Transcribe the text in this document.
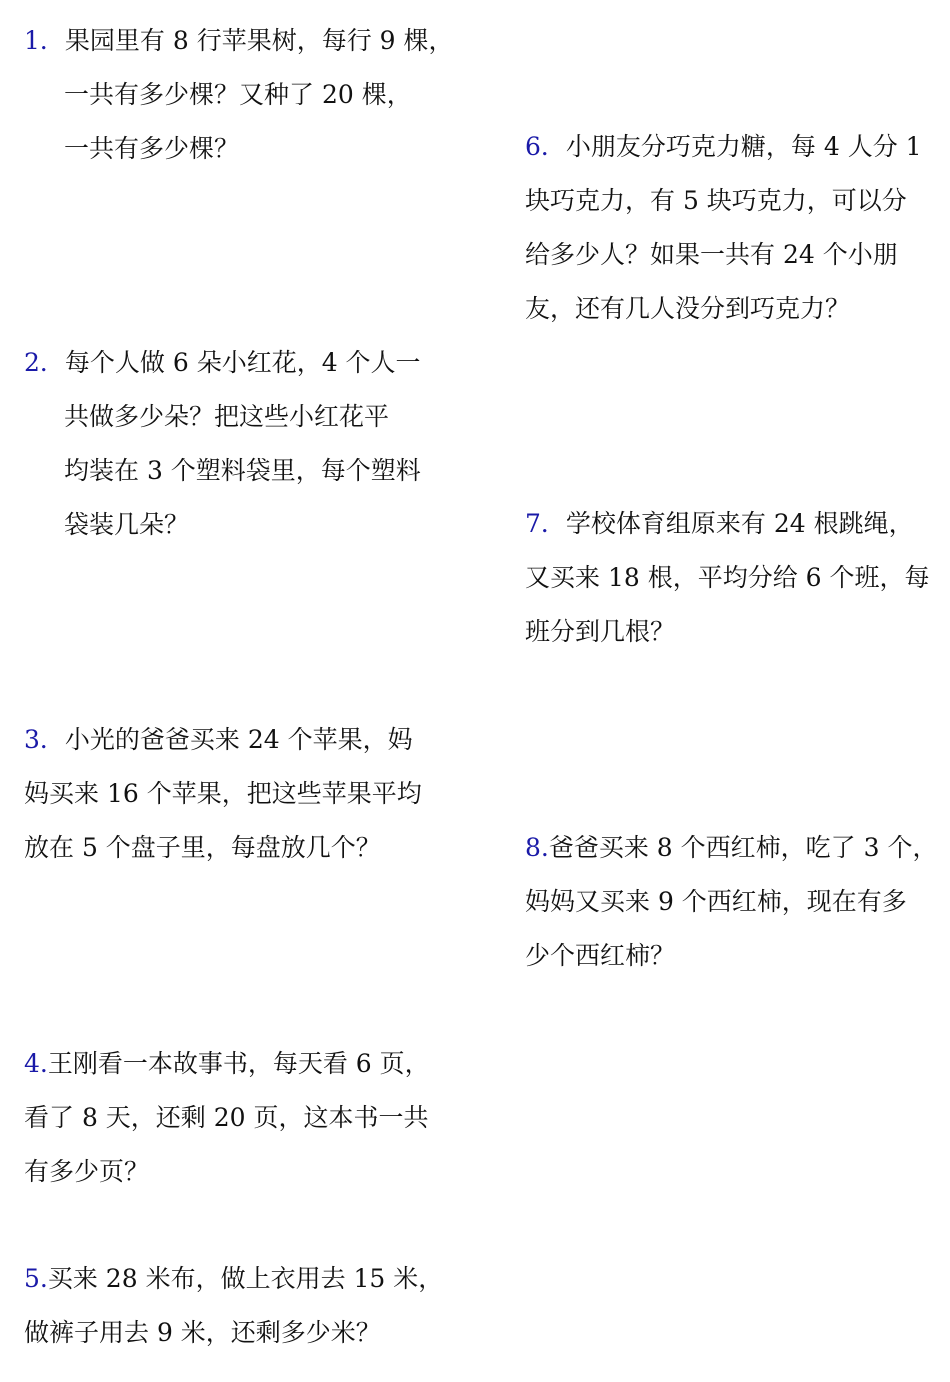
1．果园里有 8 行苹果树，每行 9 棵，
一共有多少棵？又种了 20 棵，
一共有多少棵？
2．每个人做 6 朵小红花，4 个人一
共做多少朵？把这些小红花平
均装在 3 个塑料袋里，每个塑料
袋装几朵？
3．小光的爸爸买来 24 个苹果，妈
妈买来 16 个苹果，把这些苹果平均
放在 5 个盘子里，每盘放几个？
4.王刚看一本故事书，每天看 6 页，
看了 8 天，还剩 20 页，这本书一共
有多少页？
5.买来 28 米布，做上衣用去 15 米，
做裤子用去 9 米，还剩多少米？
6．小朋友分巧克力糖，每 4 人分 1
块巧克力，有 5 块巧克力，可以分
给多少人？如果一共有 24 个小朋
友，还有几人没分到巧克力？
7．学校体育组原来有 24 根跳绳，
又买来 18 根，平均分给 6 个班，每
班分到几根？
8.爸爸买来 8 个西红柿，吃了 3 个，
妈妈又买来 9 个西红柿，现在有多
少个西红柿？
